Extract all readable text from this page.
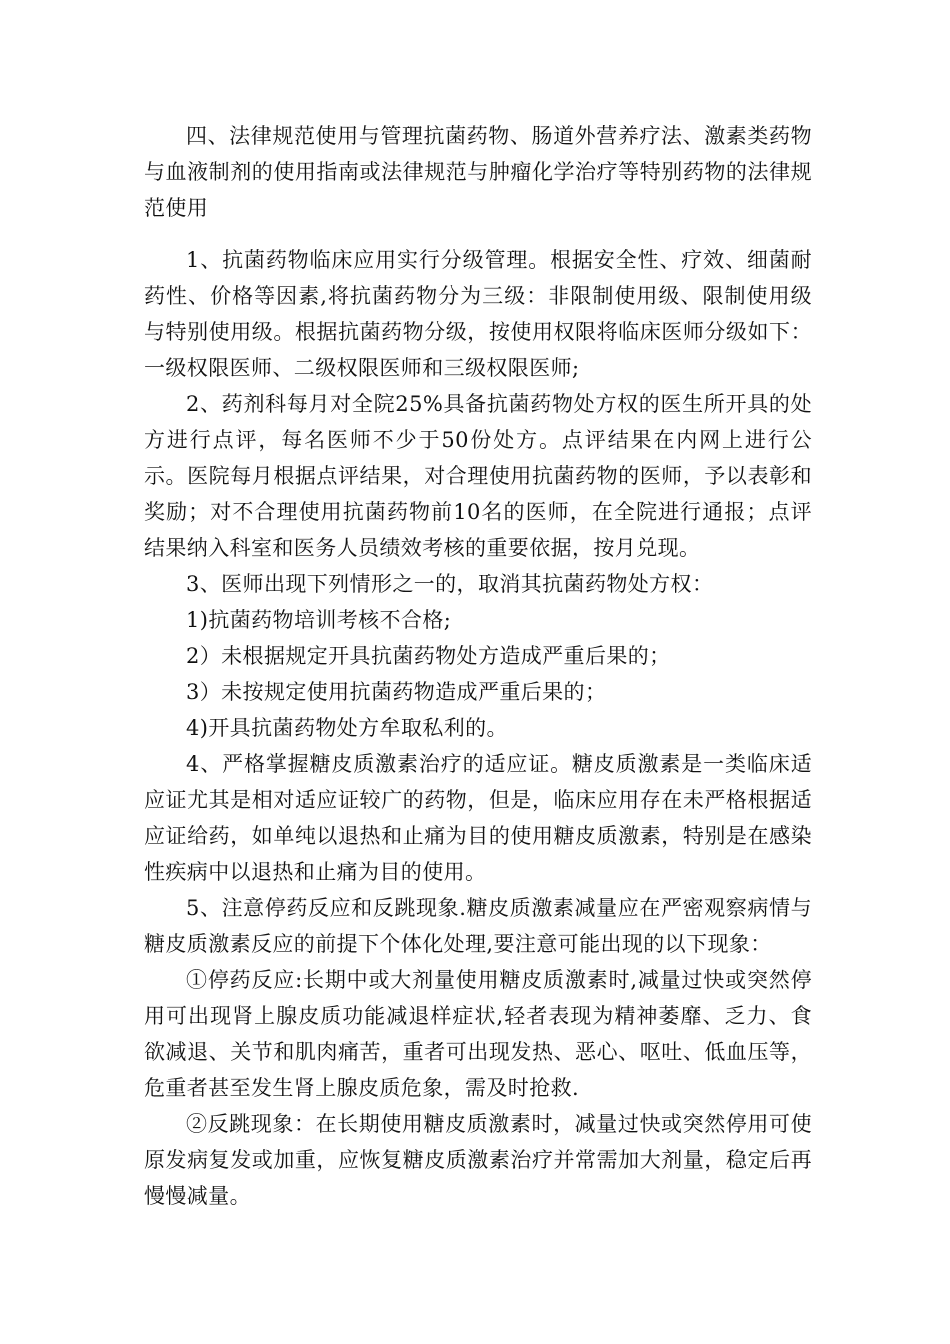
四、法律规范使用与管理抗菌药物、肠道外营养疗法、激素类药物与血液制剂的使用指南或法律规范与肿瘤化学治疗等特别药物的法律规范使用

1、抗菌药物临床应用实行分级管理。根据安全性、疗效、细菌耐药性、价格等因素,将抗菌药物分为三级：非限制使用级、限制使用级与特别使用级。根据抗菌药物分级，按使用权限将临床医师分级如下：一级权限医师、二级权限医师和三级权限医师;

2、药剂科每月对全院25%具备抗菌药物处方权的医生所开具的处方进行点评，每名医师不少于50份处方。点评结果在内网上进行公示。医院每月根据点评结果，对合理使用抗菌药物的医师，予以表彰和奖励；对不合理使用抗菌药物前10名的医师，在全院进行通报；点评结果纳入科室和医务人员绩效考核的重要依据，按月兑现。

3、医师出现下列情形之一的，取消其抗菌药物处方权：

1)抗菌药物培训考核不合格;

2）未根据规定开具抗菌药物处方造成严重后果的；

3）未按规定使用抗菌药物造成严重后果的；

4)开具抗菌药物处方牟取私利的。

4、严格掌握糖皮质激素治疗的适应证。糖皮质激素是一类临床适应证尤其是相对适应证较广的药物，但是，临床应用存在未严格根据适应证给药，如单纯以退热和止痛为目的使用糖皮质激素，特别是在感染性疾病中以退热和止痛为目的使用。

5、注意停药反应和反跳现象.糖皮质激素减量应在严密观察病情与糖皮质激素反应的前提下个体化处理,要注意可能出现的以下现象：

①停药反应:长期中或大剂量使用糖皮质激素时,减量过快或突然停用可出现肾上腺皮质功能减退样症状,轻者表现为精神萎靡、乏力、食欲减退、关节和肌肉痛苦，重者可出现发热、恶心、呕吐、低血压等，危重者甚至发生肾上腺皮质危象，需及时抢救.

②反跳现象：在长期使用糖皮质激素时，减量过快或突然停用可使原发病复发或加重，应恢复糖皮质激素治疗并常需加大剂量，稳定后再慢慢减量。
